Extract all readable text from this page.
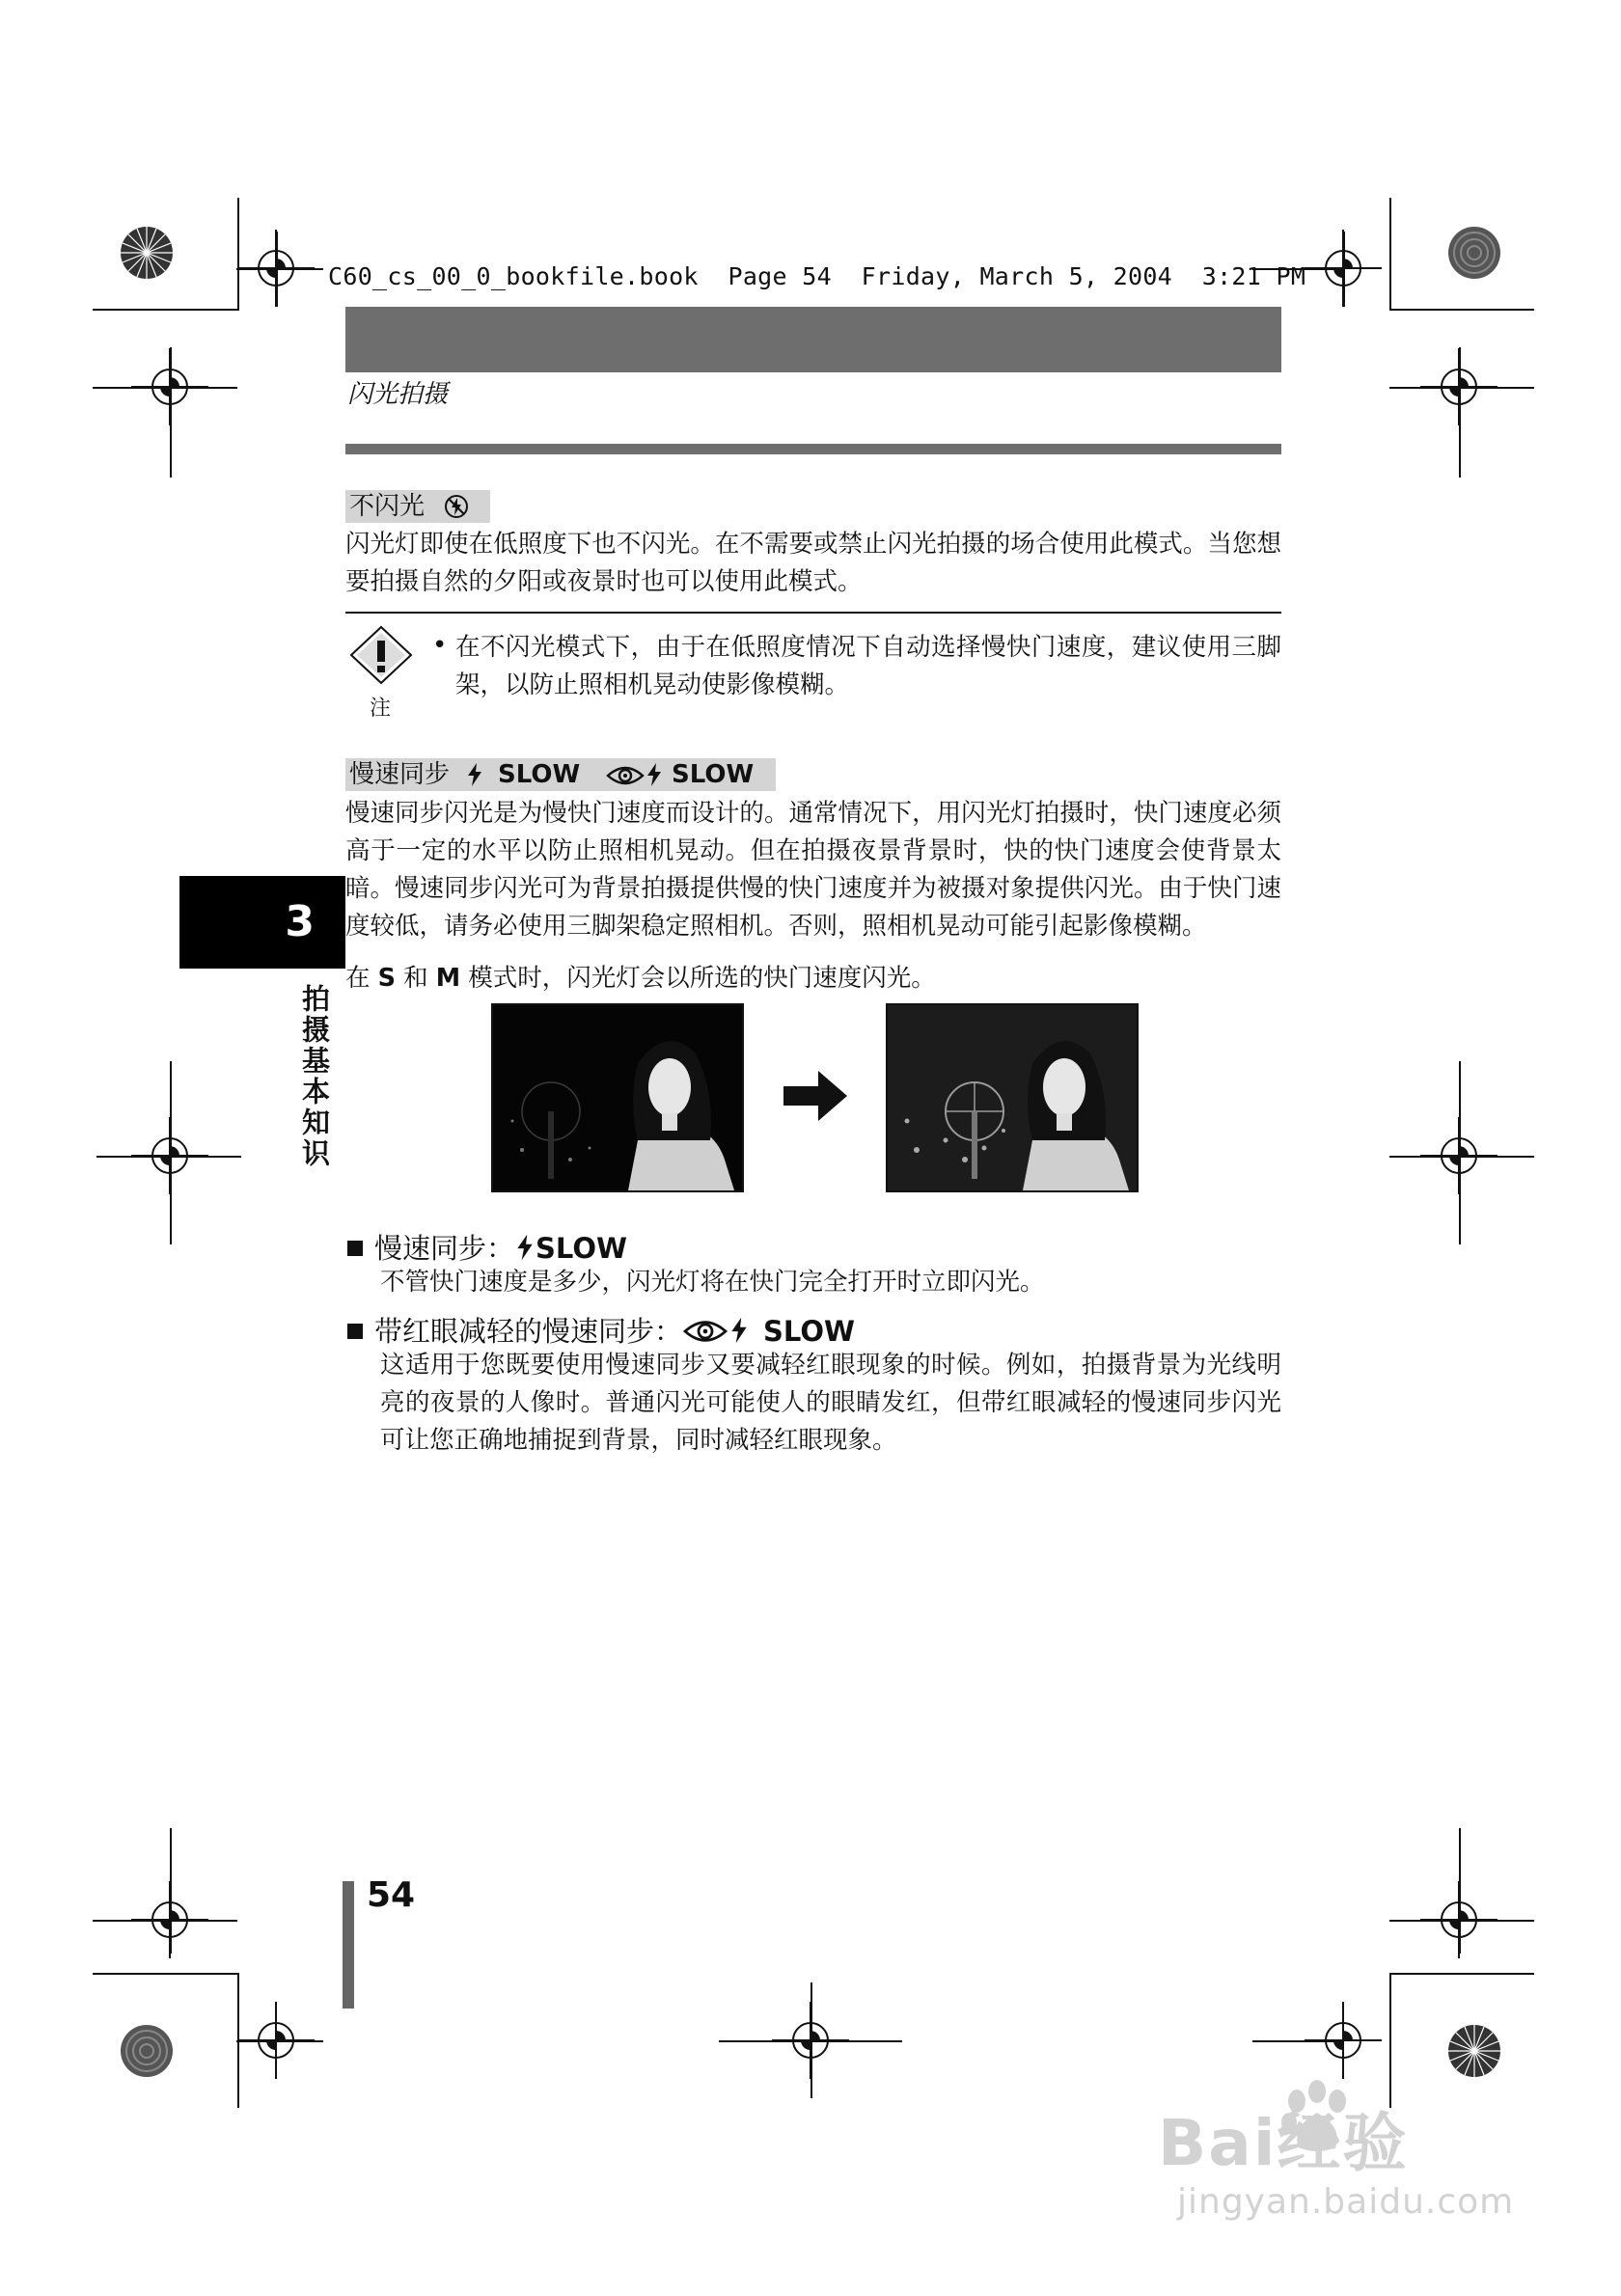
C60_cs_00_0_bookfile.book  Page 54  Friday, March 5, 2004  3:21 PM
闪光拍摄
不闪光
闪光灯即使在低照度下也不闪光。在不需要或禁止闪光拍摄的场合使用此模式。当您想要拍摄自然的夕阳或夜景时也可以使用此模式。
注
• 在不闪光模式下，由于在低照度情况下自动选择慢快门速度，建议使用三脚架，以防止照相机晃动使影像模糊。
慢速同步 SLOW	SLOW
慢速同步闪光是为慢快门速度而设计的。通常情况下，用闪光灯拍摄时，快门速度必须高于一定的水平以防止照相机晃动。但在拍摄夜景背景时，快的快门速度会使背景太暗。慢速同步闪光可为背景拍摄提供慢的快门速度并为被摄对象提供闪光。由于快门速度较低，请务必使用三脚架稳定照相机。否则，照相机晃动可能引起影像模糊。
在 S 和 M 模式时，闪光灯会以所选的快门速度闪光。
慢速同步： SLOW
不管快门速度是多少，闪光灯将在快门完全打开时立即闪光。
带红眼减轻的慢速同步：	SLOW
这适用于您既要使用慢速同步又要减轻红眼现象的时候。例如，拍摄背景为光线明亮的夜景的人像时。普通闪光可能使人的眼睛发红，但带红眼减轻的慢速同步闪光可让您正确地捕捉到背景，同时减轻红眼现象。
3
拍摄基本知识
54
Bai经验
jingyan.baidu.com
